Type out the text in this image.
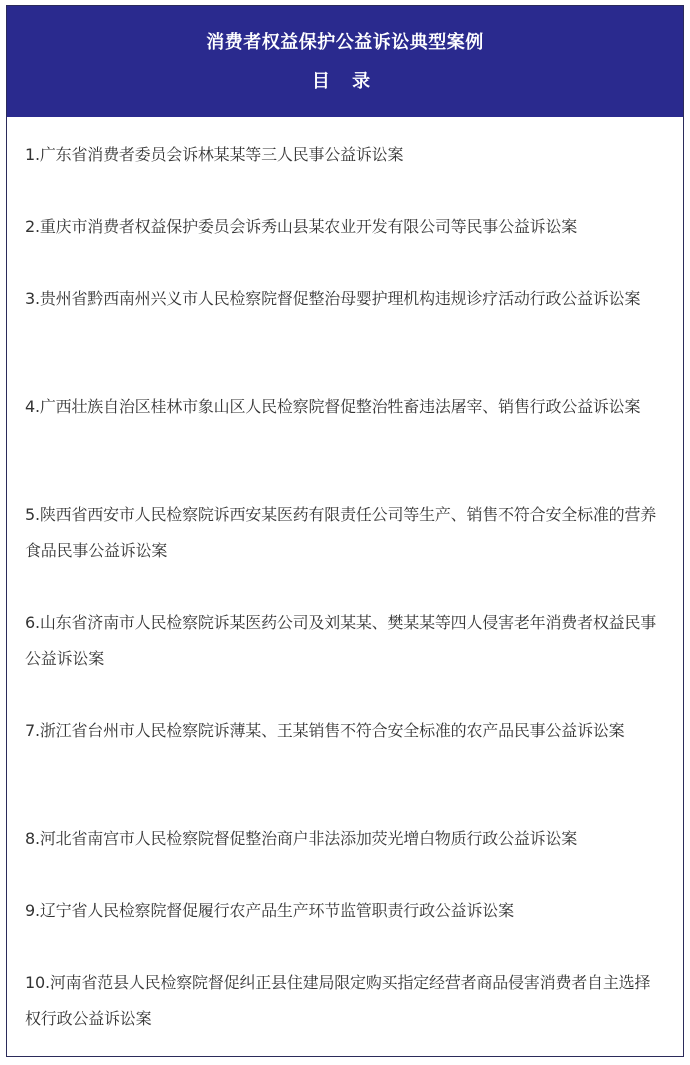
消费者权益保护公益诉讼典型案例
目 录
1.广东省消费者委员会诉林某某等三人民事公益诉讼案
2.重庆市消费者权益保护委员会诉秀山县某农业开发有限公司等民事公益诉讼案
3.贵州省黔西南州兴义市人民检察院督促整治母婴护理机构违规诊疗活动行政公益诉讼案
4.广西壮族自治区桂林市象山区人民检察院督促整治牲畜违法屠宰、销售行政公益诉讼案
5.陕西省西安市人民检察院诉西安某医药有限责任公司等生产、销售不符合安全标准的营养食品民事公益诉讼案
6.山东省济南市人民检察院诉某医药公司及刘某某、樊某某等四人侵害老年消费者权益民事公益诉讼案
7.浙江省台州市人民检察院诉薄某、王某销售不符合安全标准的农产品民事公益诉讼案
8.河北省南宫市人民检察院督促整治商户非法添加荧光增白物质行政公益诉讼案
9.辽宁省人民检察院督促履行农产品生产环节监管职责行政公益诉讼案
10.河南省范县人民检察院督促纠正县住建局限定购买指定经营者商品侵害消费者自主选择权行政公益诉讼案
